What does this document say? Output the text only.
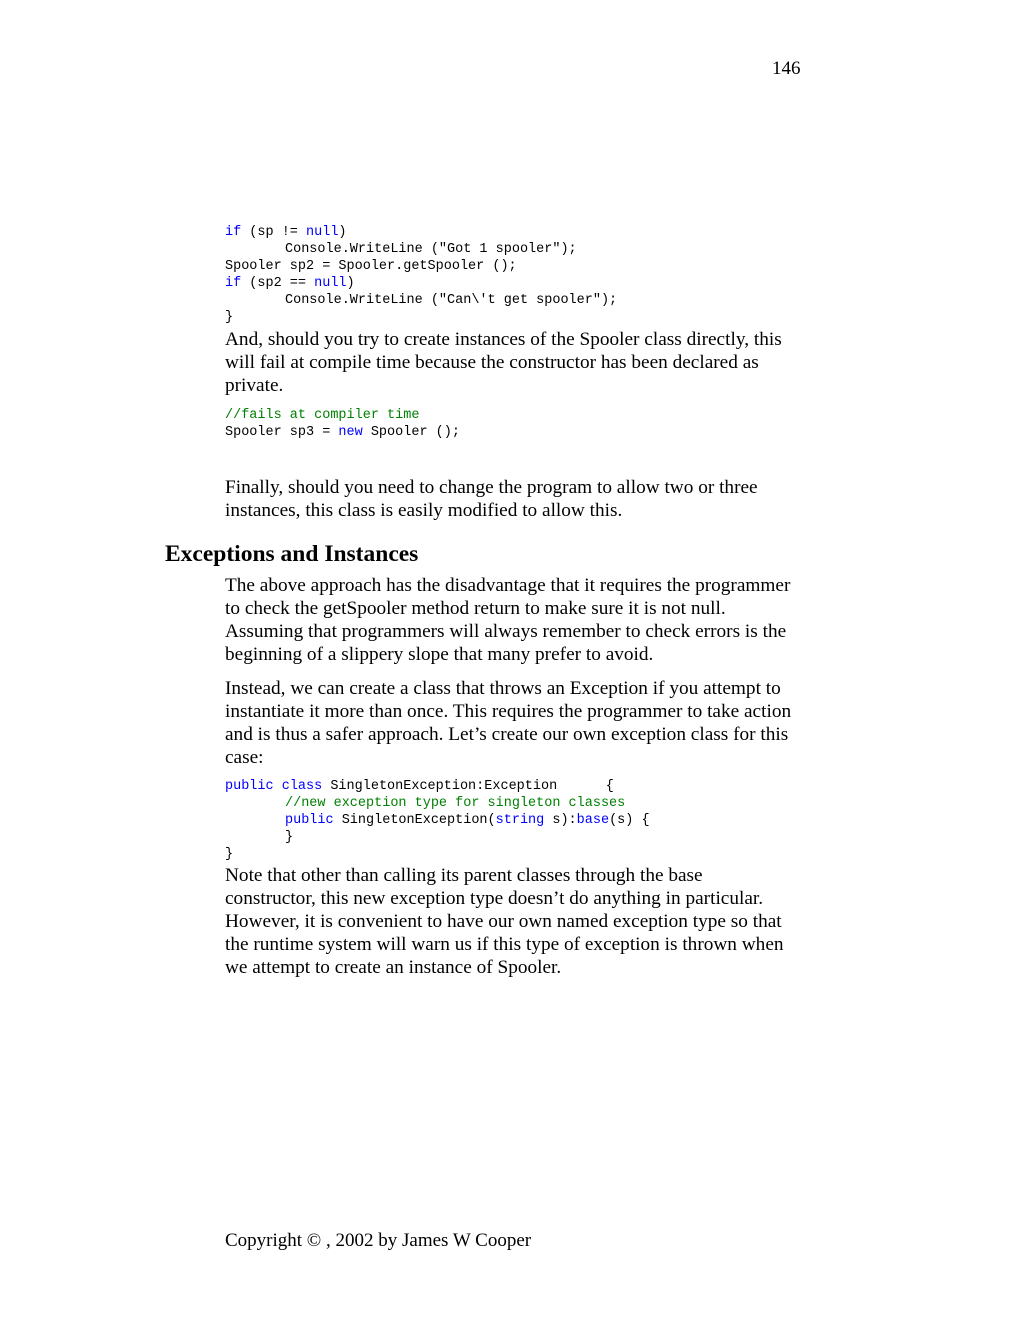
146
if (sp != null)
Console.WriteLine ("Got 1 spooler");
Spooler sp2 = Spooler.getSpooler ();
if (sp2 == null)
Console.WriteLine ("Can\'t get spooler");
}

And, should you try to create instances of the Spooler class directly, this will fail at compile time because the constructor has been declared as private.

//fails at compiler time
Spooler sp3 = new Spooler ();

Finally, should you need to change the program to allow two or three instances, this class is easily modified to allow this.

Exceptions and Instances

The above approach has the disadvantage that it requires the programmer to check the getSpooler method return to make sure it is not null. Assuming that programmers will always remember to check errors is the beginning of a slippery slope that many prefer to avoid.

Instead, we can create a class that throws an Exception if you attempt to instantiate it more than once. This requires the programmer to take action and is thus a safer approach. Let’s create our own exception class for this case:

public class SingletonException:Exception      {
//new exception type for singleton classes
public SingletonException(string s):base(s) {
}
}

Note that other than calling its parent classes through the base constructor, this new exception type doesn’t do anything in particular. However, it is convenient to have our own named exception type so that the runtime system will warn us if this type of exception is thrown when we attempt to create an instance of Spooler.

Copyright © , 2002 by James W Cooper
